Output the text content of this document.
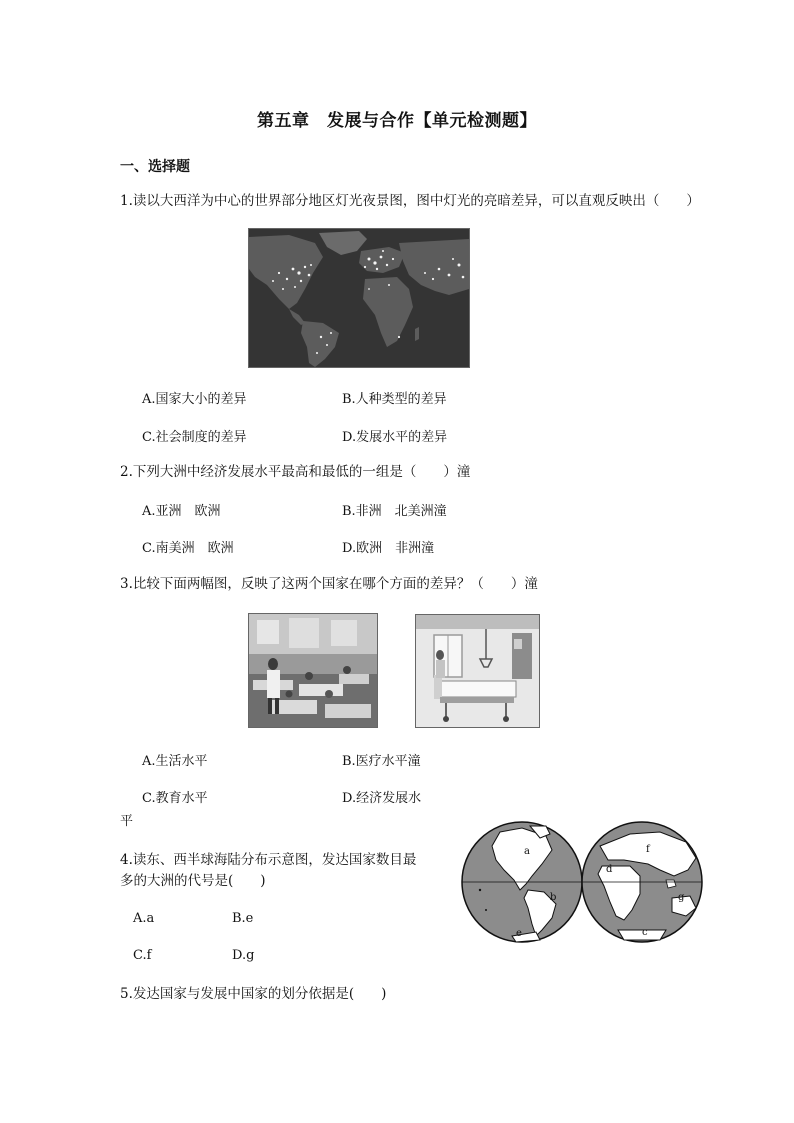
第五章　发展与合作【单元检测题】
一、选择题
1.读以大西洋为中心的世界部分地区灯光夜景图，图中灯光的亮暗差异，可以直观反映出（　　）
A.国家大小的差异	B.人种类型的差异
C.社会制度的差异	D.发展水平的差异
2.下列大洲中经济发展水平最高和最低的一组是（　　）潼
A.亚洲　欧洲	B.非洲　北美洲潼
C.南美洲　欧洲	D.欧洲　非洲潼
3.比较下面两幅图，反映了这两个国家在哪个方面的差异？（　　）潼
A.生活水平	B.医疗水平潼
C.教育水平	D.经济发展水
平
4.读东、西半球海陆分布示意图，发达国家数目最
多的大洲的代号是(　　)
a
b
c
d
e
f
g
A.a	B.e
C.f	D.g
5.发达国家与发展中国家的划分依据是(　　)
